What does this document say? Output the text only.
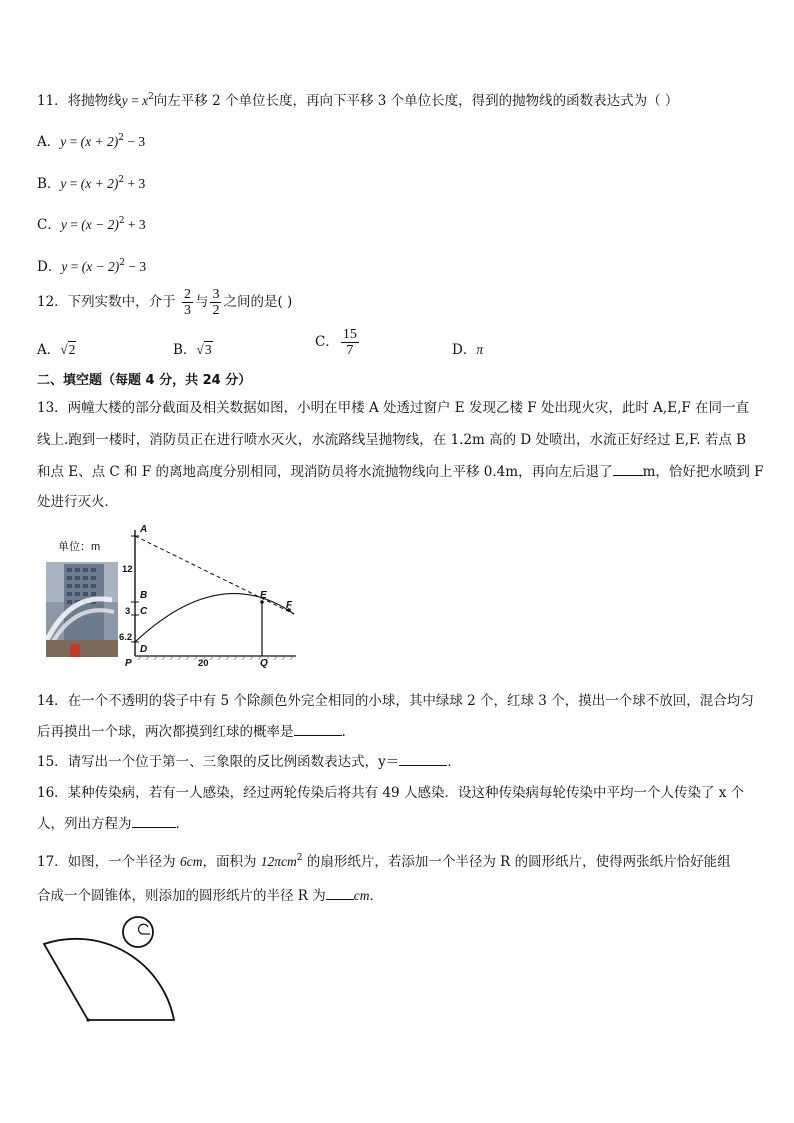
11．将抛物线$y = x^2$向左平移 2 个单位长度，再向下平移 3 个单位长度，得到的抛物线的函数表达式为（ ）
A．$y = (x + 2)^2 - 3$
B．$y = (x + 2)^2 + 3$
C．$y = (x - 2)^2 + 3$
D．$y = (x - 2)^2 - 3$
12．下列实数中，介于 $\frac{2}{3}$ 与 $\frac{3}{2}$ 之间的是( )
A．√2	B．√3	C． $\frac{15}{7}$	D．π
二、填空题（每题 4 分，共 24 分）
13．两幢大楼的部分截面及相关数据如图，小明在甲楼 A 处透过窗户 E 发现乙楼 F 处出现火灾，此时 A,E,F 在同一直
线上.跑到一楼时，消防员正在进行喷水灭火，水流路线呈抛物线，在 1.2m 高的 D 处喷出，水流正好经过 E,F. 若点 B
和点 E、点 C 和 F 的离地高度分别相同，现消防员将水流抛物线向上平移 0.4m，再向左后退了 m，恰好把水喷到 F
处进行灭火．
单位：m
A
B
C
D
E
F
P	Q
12
3
6.2
20
14．在一个不透明的袋子中有 5 个除颜色外完全相同的小球，其中绿球 2 个，红球 3 个，摸出一个球不放回，混合均匀
后再摸出一个球，两次都摸到红球的概率是	.
15．请写出一个位于第一、三象限的反比例函数表达式，y＝	．
16．某种传染病，若有一人感染，经过两轮传染后将共有 49 人感染．设这种传染病每轮传染中平均一个人传染了 x 个
人，列出方程为	．
17．如图，一个半径为 6cm，面积为 12πcm$^2$ 的扇形纸片，若添加一个半径为 R 的圆形纸片，使得两张纸片恰好能组
合成一个圆锥体，则添加的圆形纸片的半径 R 为 cm．
